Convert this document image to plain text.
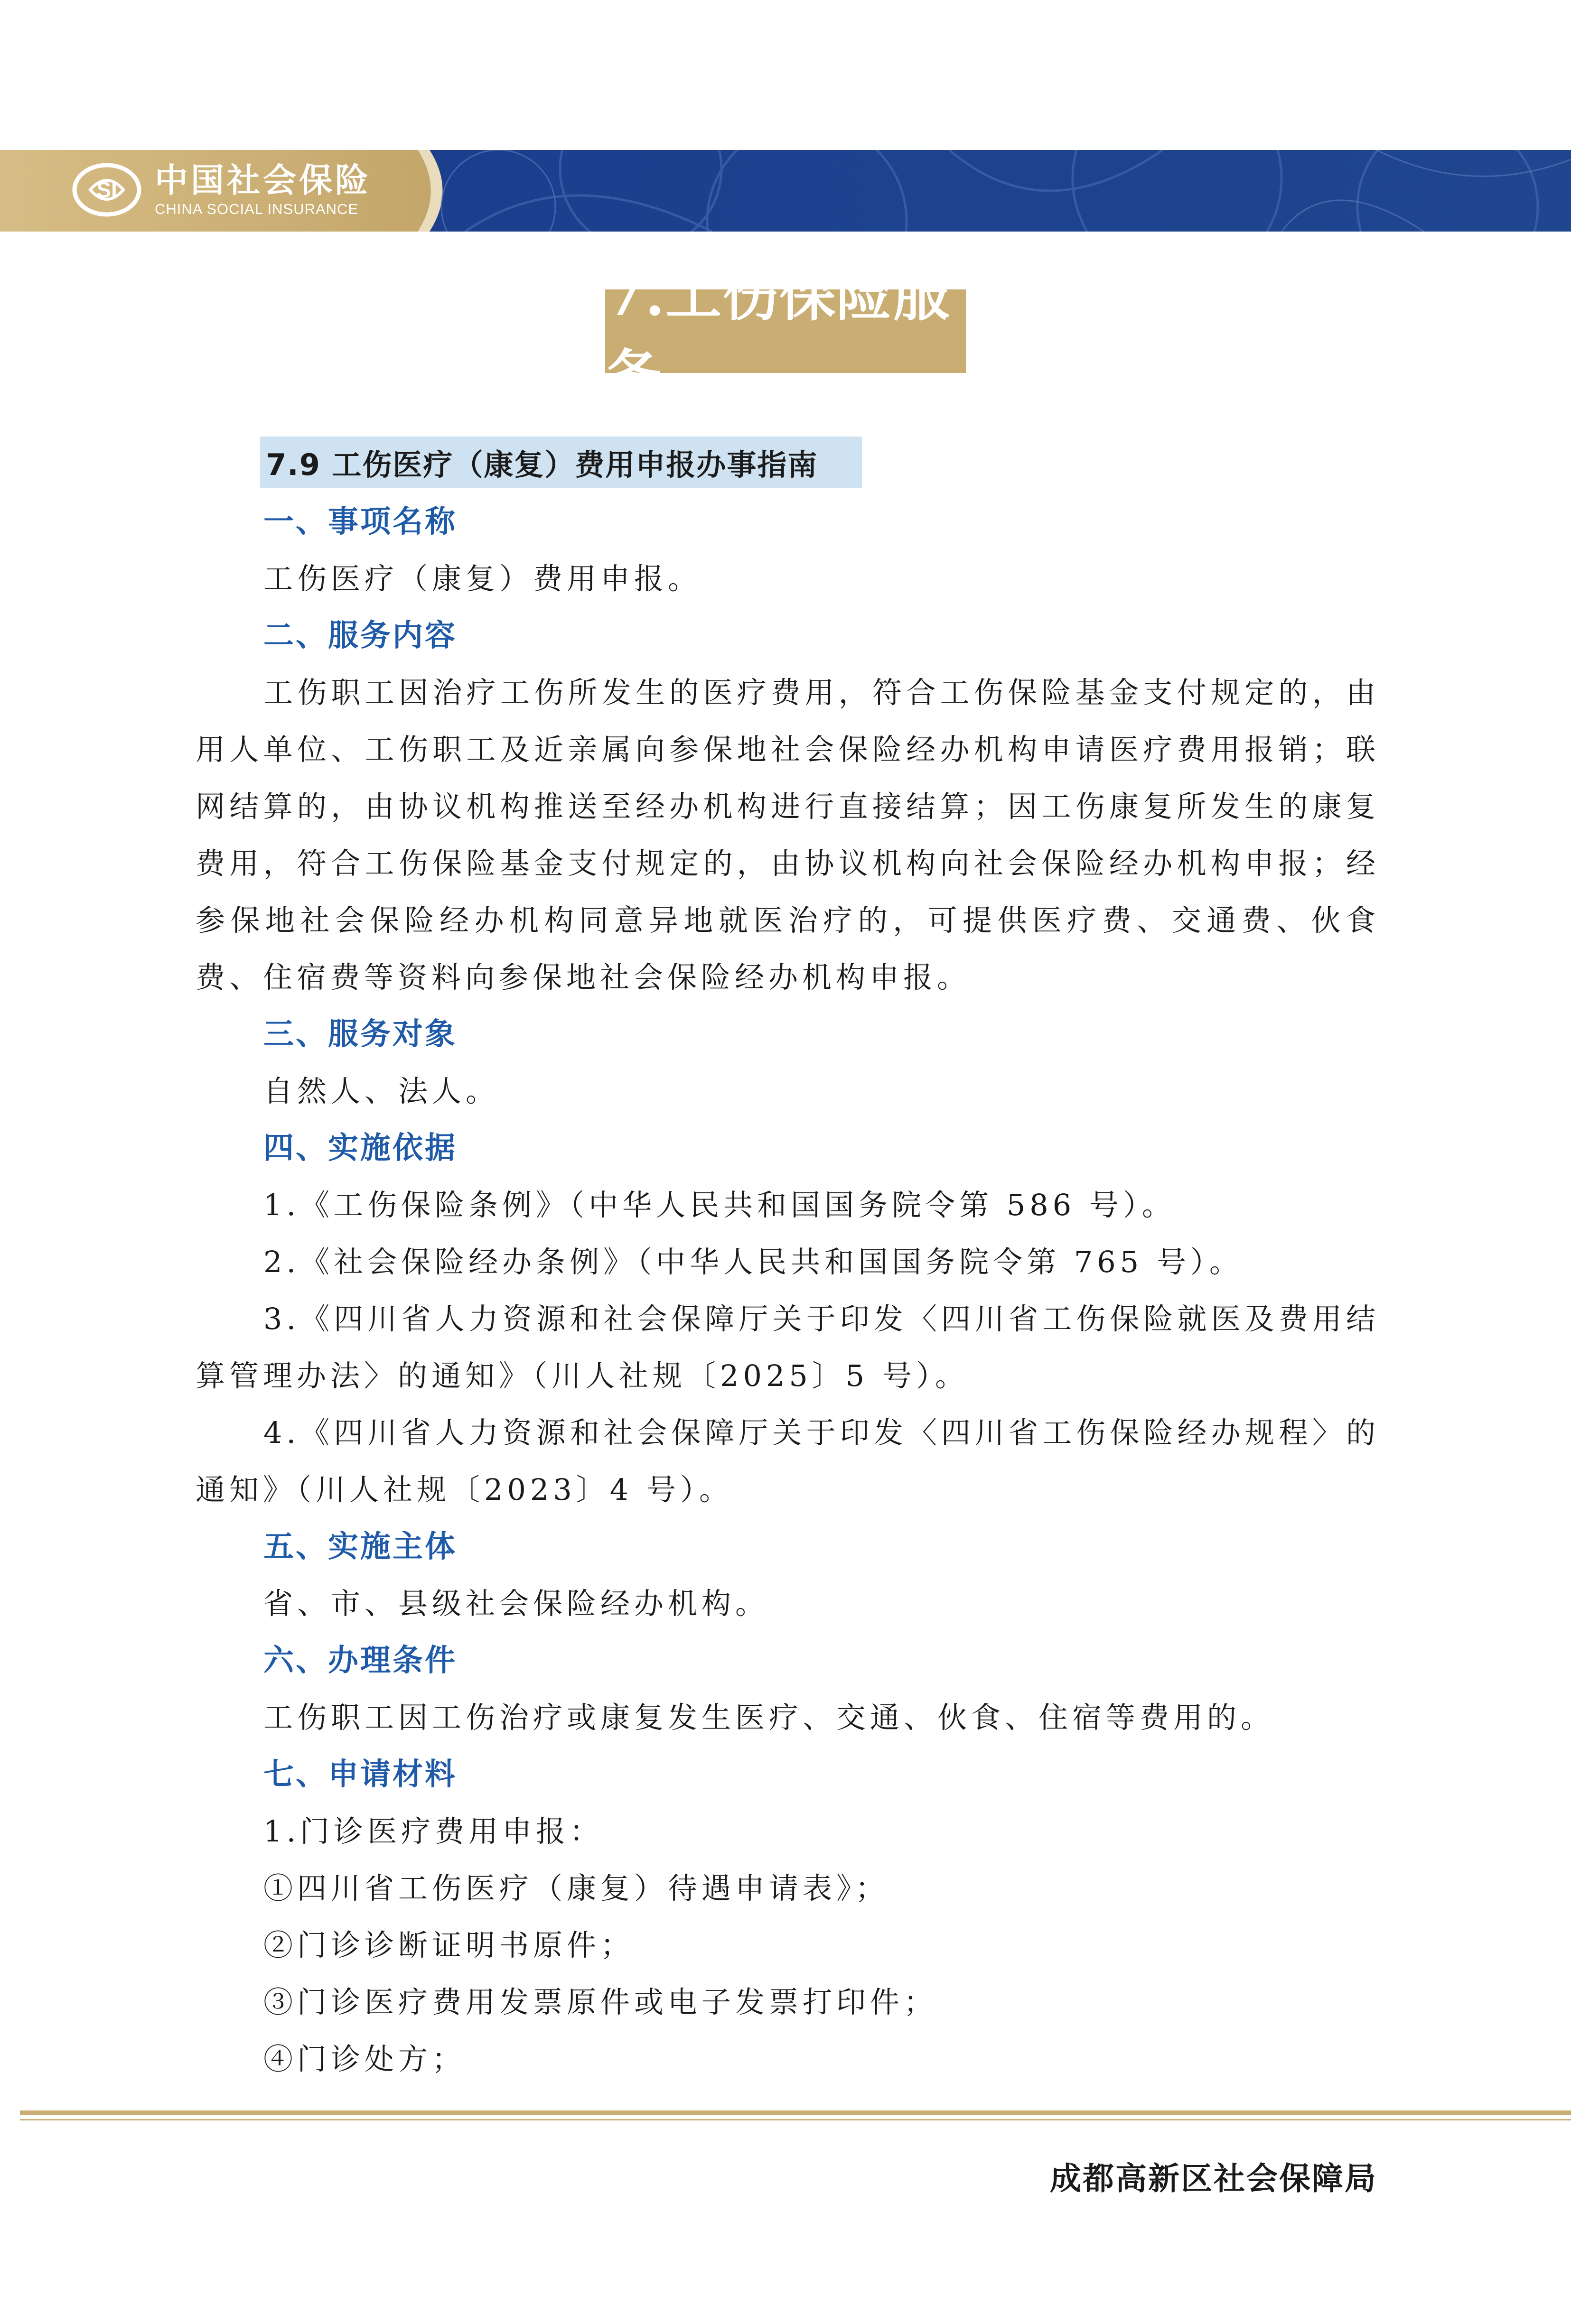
SI 中国社会保险
CHINA SOCIAL INSURANCE
7.工伤保险服务
7.9 工伤医疗（康复）费用申报办事指南
一、事项名称
工伤医疗（康复）费用申报。
二、服务内容

工伤职工因治疗工伤所发生的医疗费用，符合工伤保险基金支付规定的，由用人单位、工伤职工及近亲属向参保地社会保险经办机构申请医疗费用报销；联网结算的，由协议机构推送至经办机构进行直接结算；因工伤康复所发生的康复费用，符合工伤保险基金支付规定的，由协议机构向社会保险经办机构申报；经参保地社会保险经办机构同意异地就医治疗的，可提供医疗费、交通费、伙食费、住宿费等资料向参保地社会保险经办机构申报。

三、服务对象
自然人、法人。
四、实施依据
1.《工伤保险条例》（中华人民共和国国务院令第 586 号）。
2.《社会保险经办条例》（中华人民共和国国务院令第 765 号）。

3.《四川省人力资源和社会保障厅关于印发〈四川省工伤保险就医及费用结算管理办法〉的通知》（川人社规〔2025〕5 号）。

4.《四川省人力资源和社会保障厅关于印发〈四川省工伤保险经办规程〉的通知》（川人社规〔2023〕4 号）。

五、实施主体
省、市、县级社会保险经办机构。
六、办理条件
工伤职工因工伤治疗或康复发生医疗、交通、伙食、住宿等费用的。
七、申请材料
1.门诊医疗费用申报：
①四川省工伤医疗（康复）待遇申请表》；
②门诊诊断证明书原件；
③门诊医疗费用发票原件或电子发票打印件；
④门诊处方；
成都高新区社会保障局
